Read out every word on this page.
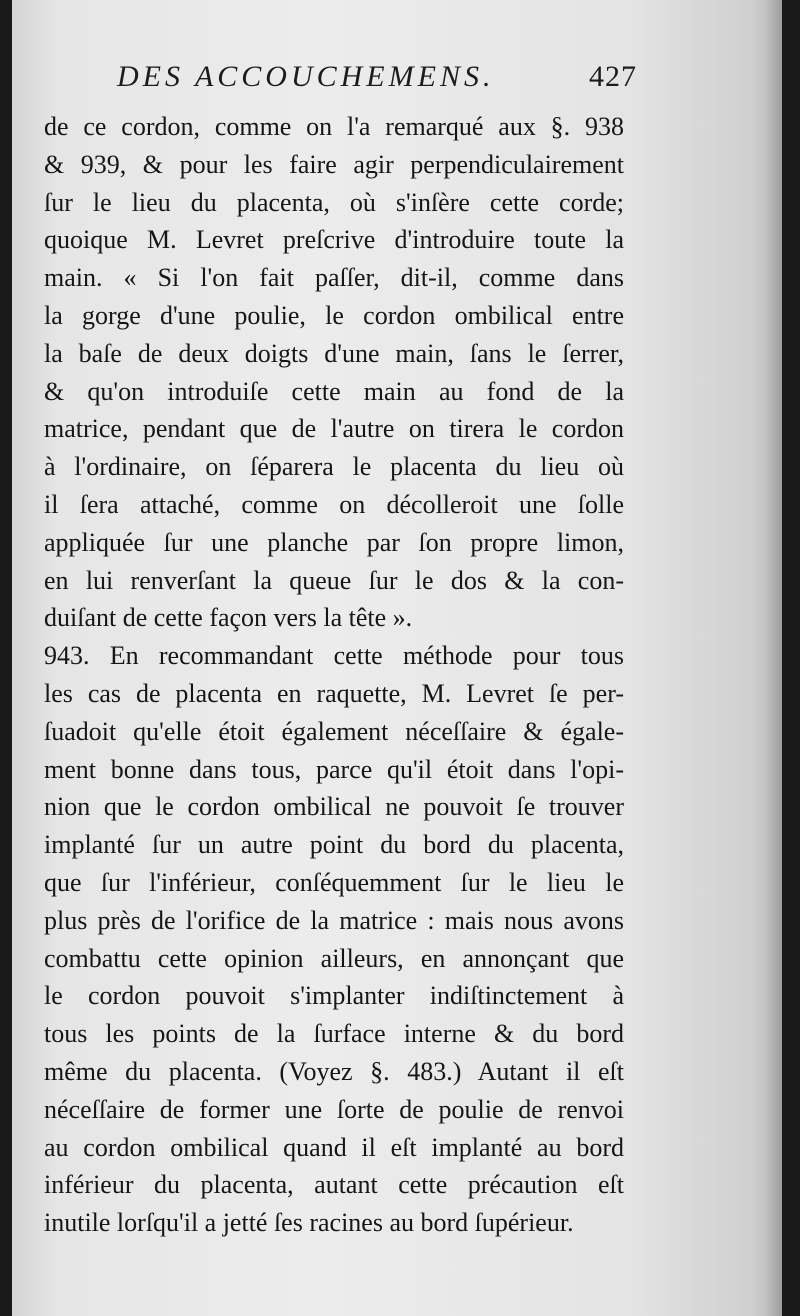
DES ACCOUCHEMENS.	427
de ce cordon, comme on l'a remarqué aux §. 938
& 939, & pour les faire agir perpendiculairement
ſur le lieu du placenta, où s'inſère cette corde;
quoique M. Levret preſcrive d'introduire toute la
main. « Si l'on fait paſſer, dit-il, comme dans
la gorge d'une poulie, le cordon ombilical entre
la baſe de deux doigts d'une main, ſans le ſerrer,
& qu'on introduiſe cette main au fond de la
matrice, pendant que de l'autre on tirera le cordon
à l'ordinaire, on ſéparera le placenta du lieu où
il ſera attaché, comme on décolleroit une ſolle
appliquée ſur une planche par ſon propre limon,
en lui renverſant la queue ſur le dos & la con-
duiſant de cette façon vers la tête ».
943. En recommandant cette méthode pour tous
les cas de placenta en raquette, M. Levret ſe per-
ſuadoit qu'elle étoit également néceſſaire & égale-
ment bonne dans tous, parce qu'il étoit dans l'opi-
nion que le cordon ombilical ne pouvoit ſe trouver
implanté ſur un autre point du bord du placenta,
que ſur l'inférieur, conſéquemment ſur le lieu le
plus près de l'orifice de la matrice : mais nous avons
combattu cette opinion ailleurs, en annonçant que
le cordon pouvoit s'implanter indiſtinctement à
tous les points de la ſurface interne & du bord
même du placenta. (Voyez §. 483.) Autant il eſt
néceſſaire de former une ſorte de poulie de renvoi
au cordon ombilical quand il eſt implanté au bord
inférieur du placenta, autant cette précaution eſt
inutile lorſqu'il a jetté ſes racines au bord ſupérieur.
